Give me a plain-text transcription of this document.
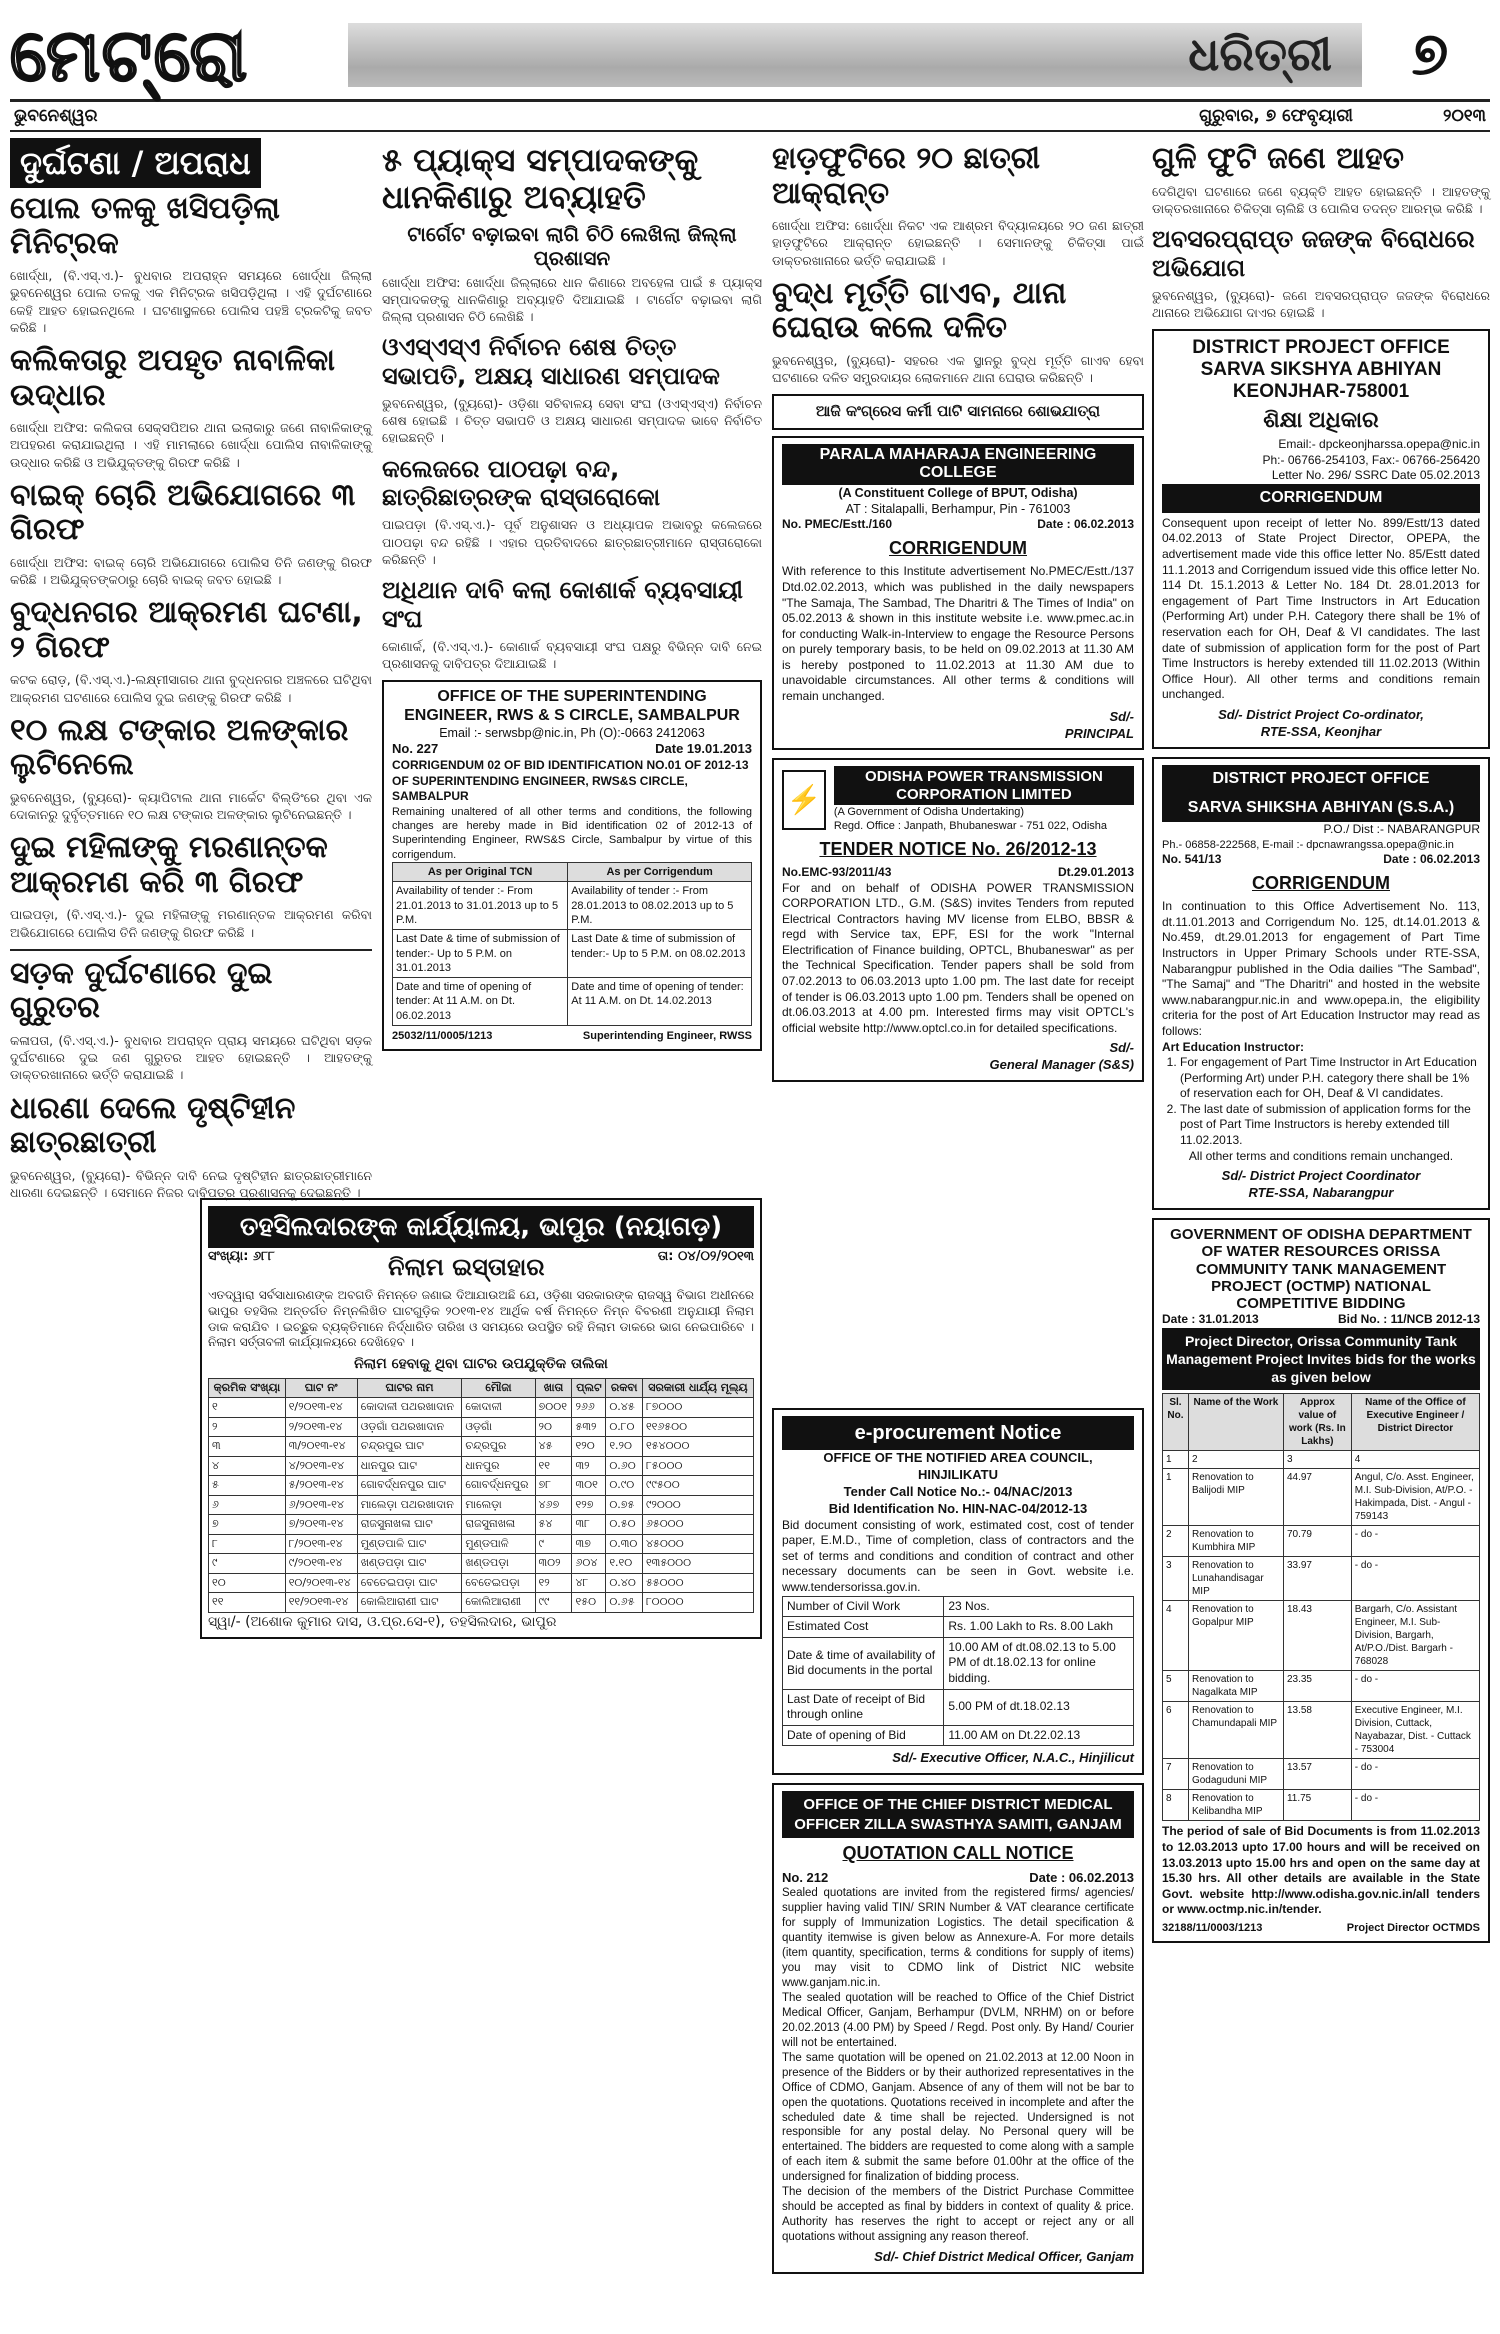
ମେଟ୍ରୋ	ଧରିତ୍ରୀ	୭
ଭୁବନେଶ୍ୱର	ଗୁରୁବାର, ୭ ଫେବୃୟାରୀ	୨୦୧୩
ଦୁର୍ଘଟଣା / ଅପରାଧ
ପୋଲ ତଳକୁ ଖସିପଡ଼ିଲା ମିନିଟ୍ରକ

ଖୋର୍ଦ୍ଧା, (ବି.ଏସ୍.ଏ.)- ବୁଧବାର ଅପରାହ୍ନ ସମୟରେ ଖୋର୍ଦ୍ଧା ଜିଲ୍ଲା ଭୁବନେଶ୍ୱର ପୋଲ ତଳକୁ ଏକ ମିନିଟ୍ରକ ଖସିପଡ଼ିଥିଲା । ଏହି ଦୁର୍ଘଟଣାରେ କେହି ଆହତ ହୋଇନଥିଲେ । ଘଟଣାସ୍ଥଳରେ ପୋଲିସ ପହଞ୍ଚି ଟ୍ରକଟିକୁ ଜବତ କରିଛି ।

କଲିକତାରୁ ଅପହୃତ ନାବାଳିକା ଉଦ୍ଧାର

ଖୋର୍ଦ୍ଧା ଅଫିସ: କଲିକତା ସେକ୍ସପିଅର ଥାନା ଇଲାକାରୁ ଜଣେ ନାବାଳିକାଙ୍କୁ ଅପହରଣ କରାଯାଇଥିଲା । ଏହି ମାମଲାରେ ଖୋର୍ଦ୍ଧା ପୋଲିସ ନାବାଳିକାଙ୍କୁ ଉଦ୍ଧାର କରିଛି ଓ ଅଭିଯୁକ୍ତଙ୍କୁ ଗିରଫ କରିଛି ।

ବାଇକ୍ ଚୋରି ଅଭିଯୋଗରେ ୩ ଗିରଫ

ଖୋର୍ଦ୍ଧା ଅଫିସ: ବାଇକ୍ ଚୋରି ଅଭିଯୋଗରେ ପୋଲିସ ତିନି ଜଣଙ୍କୁ ଗିରଫ କରିଛି । ଅଭିଯୁକ୍ତଙ୍କଠାରୁ ଚୋରି ବାଇକ୍ ଜବତ ହୋଇଛି ।

ବୁଦ୍ଧନଗର ଆକ୍ରମଣ ଘଟଣା, ୨ ଗିରଫ

କଟକ ରୋଡ଼, (ବି.ଏସ୍.ଏ.)-ଲକ୍ଷ୍ମୀସାଗର ଥାନା ବୁଦ୍ଧନଗର ଅଞ୍ଚଳରେ ଘଟିଥିବା ଆକ୍ରମଣ ଘଟଣାରେ ପୋଲିସ ଦୁଇ ଜଣଙ୍କୁ ଗିରଫ କରିଛି ।

୧୦ ଲକ୍ଷ ଟଙ୍କାର ଅଳଙ୍କାର ଲୁଟିନେଲେ

ଭୁବନେଶ୍ୱର, (ବ୍ୟୁରୋ)- କ୍ୟାପିଟାଲ ଥାନା ମାର୍କେଟ ବିଲ୍ଡିଂରେ ଥିବା ଏକ ଦୋକାନରୁ ଦୁର୍ବୃତ୍ତମାନେ ୧୦ ଲକ୍ଷ ଟଙ୍କାର ଅଳଙ୍କାର ଲୁଟିନେଇଛନ୍ତି ।

ଦୁଇ ମହିଳାଙ୍କୁ ମରଣାନ୍ତକ ଆକ୍ରମଣ କରି ୩ ଗିରଫ

ପାଇପଡ଼ା, (ବି.ଏସ୍.ଏ.)- ଦୁଇ ମହିଳାଙ୍କୁ ମରଣାନ୍ତକ ଆକ୍ରମଣ କରିବା ଅଭିଯୋଗରେ ପୋଲିସ ତିନି ଜଣଙ୍କୁ ଗିରଫ କରିଛି ।

ସଡ଼କ ଦୁର୍ଘଟଣାରେ ଦୁଇ ଗୁରୁତର

କଳାପତା, (ବି.ଏସ୍.ଏ.)- ବୁଧବାର ଅପରାହ୍ନ ପ୍ରାୟ ସମୟରେ ଘଟିଥିବା ସଡ଼କ ଦୁର୍ଘଟଣାରେ ଦୁଇ ଜଣ ଗୁରୁତର ଆହତ ହୋଇଛନ୍ତି । ଆହତଙ୍କୁ ଡାକ୍ତରଖାନାରେ ଭର୍ତ୍ତି କରାଯାଇଛି ।

ଧାରଣା ଦେଲେ ଦୃଷ୍ଟିହୀନ ଛାତ୍ରଛାତ୍ରୀ

ଭୁବନେଶ୍ୱର, (ବ୍ୟୁରୋ)- ବିଭିନ୍ନ ଦାବି ନେଇ ଦୃଷ୍ଟିହୀନ ଛାତ୍ରଛାତ୍ରୀମାନେ ଧାରଣା ଦେଇଛନ୍ତି । ସେମାନେ ନିଜର ଦାବିପତ୍ର ପ୍ରଶାସନକୁ ଦେଇଛନ୍ତି ।

୫ ପ୍ୟାକ୍ସ ସମ୍ପାଦକଙ୍କୁ ଧାନକିଣାରୁ ଅବ୍ୟାହତି
ଟାର୍ଗେଟ ବଢ଼ାଇବା ଲାଗି ଚିଠି ଲେଖିଲା ଜିଲ୍ଲା ପ୍ରଶାସନ

ଖୋର୍ଦ୍ଧା ଅଫିସ: ଖୋର୍ଦ୍ଧା ଜିଲ୍ଲାରେ ଧାନ କିଣାରେ ଅବହେଳା ପାଇଁ ୫ ପ୍ୟାକ୍ସ ସମ୍ପାଦକଙ୍କୁ ଧାନକିଣାରୁ ଅବ୍ୟାହତି ଦିଆଯାଇଛି । ଟାର୍ଗେଟ ବଢ଼ାଇବା ଲାଗି ଜିଲ୍ଲା ପ୍ରଶାସନ ଚିଠି ଲେଖିଛି ।

ଓଏସ୍‌ଏସ୍‌ଏ ନିର୍ବାଚନ ଶେଷ ଚିତ୍ତ ସଭାପତି, ଅକ୍ଷୟ ସାଧାରଣ ସମ୍ପାଦକ

ଭୁବନେଶ୍ୱର, (ବ୍ୟୁରୋ)- ଓଡ଼ିଶା ସଚିବାଳୟ ସେବା ସଂଘ (ଓଏସ୍‌ଏସ୍‌ଏ) ନିର୍ବାଚନ ଶେଷ ହୋଇଛି । ଚିତ୍ତ ସଭାପତି ଓ ଅକ୍ଷୟ ସାଧାରଣ ସମ୍ପାଦକ ଭାବେ ନିର୍ବାଚିତ ହୋଇଛନ୍ତି ।

କଲେଜରେ ପାଠପଢ଼ା ବନ୍ଦ, ଛାତ୍ରିଛାତ୍ରଙ୍କ ରାସ୍ତାରୋକୋ

ପାଇପଡ଼ା (ବି.ଏସ୍.ଏ.)- ପୂର୍ବ ଅନୁଶାସନ ଓ ଅଧ୍ୟାପକ ଅଭାବରୁ କଲେଜରେ ପାଠପଢ଼ା ବନ୍ଦ ରହିଛି । ଏହାର ପ୍ରତିବାଦରେ ଛାତ୍ରଛାତ୍ରୀମାନେ ରାସ୍ତାରୋକୋ କରିଛନ୍ତି ।

ଅଧିଥାନ ଦାବି କଲା କୋଶାର୍କ ବ୍ୟବସାୟୀ ସଂଘ

କୋଣାର୍କ, (ବି.ଏସ୍.ଏ.)- କୋଣାର୍କ ବ୍ୟବସାୟୀ ସଂଘ ପକ୍ଷରୁ ବିଭିନ୍ନ ଦାବି ନେଇ ପ୍ରଶାସନକୁ ଦାବିପତ୍ର ଦିଆଯାଇଛି ।

OFFICE OF THE SUPERINTENDING ENGINEER, RWS & S CIRCLE, SAMBALPUR
Email :- serwsbp@nic.in, Ph (O):-0663 2412063
No. 227	Date 19.01.2013
CORRIGENDUM 02 OF BID IDENTIFICATION NO.01 OF 2012-13 OF SUPERINTENDING ENGINEER, RWS&S CIRCLE, SAMBALPUR

Remaining unaltered of all other terms and conditions, the following changes are hereby made in Bid identification 02 of 2012-13 of Superintending Engineer, RWS&S Circle, Sambalpur by virtue of this corrigendum.

As per Original TCN	As per Corrigendum
Availability of tender :- From 21.01.2013 to 31.01.2013 up to 5 P.M.	Availability of tender :- From 28.01.2013 to 08.02.2013 up to 5 P.M.
Last Date & time of submission of tender:- Up to 5 P.M. on 31.01.2013	Last Date & time of submission of tender:- Up to 5 P.M. on 08.02.2013
Date and time of opening of tender: At 11 A.M. on Dt. 06.02.2013	Date and time of opening of tender: At 11 A.M. on Dt. 14.02.2013
25032/11/0005/1213	Superintending Engineer, RWSS
ହାଡ଼ଫୁଟିରେ ୨୦ ଛାତ୍ରୀ ଆକ୍ରାନ୍ତ

ଖୋର୍ଦ୍ଧା ଅଫିସ: ଖୋର୍ଦ୍ଧା ନିକଟ ଏକ ଆଶ୍ରମ ବିଦ୍ୟାଳୟରେ ୨୦ ଜଣ ଛାତ୍ରୀ ହାଡ଼ଫୁଟିରେ ଆକ୍ରାନ୍ତ ହୋଇଛନ୍ତି । ସେମାନଙ୍କୁ ଚିକିତ୍ସା ପାଇଁ ଡାକ୍ତରଖାନାରେ ଭର୍ତ୍ତି କରାଯାଇଛି ।

ବୁଦ୍ଧ ମୂର୍ତ୍ତି ଗାଏବ, ଥାନା ଘେରାଉ କଲେ ଦଳିତ

ଭୁବନେଶ୍ୱର, (ବ୍ୟୁରୋ)- ସହରର ଏକ ସ୍ଥାନରୁ ବୁଦ୍ଧ ମୂର୍ତ୍ତି ଗାଏବ ହେବା ଘଟଣାରେ ଦଳିତ ସମ୍ପ୍ରଦାୟର ଲୋକମାନେ ଥାନା ଘେରାଉ କରିଛନ୍ତି ।

ଆଜି କଂଗ୍ରେସ କର୍ମୀ ପାଟି ସାମନାରେ ଶୋଭଯାତ୍ରା
PARALA MAHARAJA ENGINEERING COLLEGE
(A Constituent College of BPUT, Odisha)
AT : Sitalapalli, Berhampur, Pin - 761003
No. PMEC/Estt./160	Date : 06.02.2013
CORRIGENDUM

With reference to this Institute advertisement No.PMEC/Estt./137 Dtd.02.02.2013, which was published in the daily newspapers "The Samaja, The Sambad, The Dharitri & The Times of India" on 05.02.2013 & shown in this institute website i.e. www.pmec.ac.in for conducting Walk-in-Interview to engage the Resource Persons on purely temporary basis, to be held on 09.02.2013 at 11.30 AM is hereby postponed to 11.02.2013 at 11.30 AM due to unavoidable circumstances. All other terms & conditions will remain unchanged.

Sd/-
PRINCIPAL
⚡
ODISHA POWER TRANSMISSION CORPORATION LIMITED
(A Government of Odisha Undertaking)
Regd. Office : Janpath, Bhubaneswar - 751 022, Odisha
TENDER NOTICE No. 26/2012-13
No.EMC-93/2011/43	Dt.29.01.2013

For and on behalf of ODISHA POWER TRANSMISSION CORPORATION LTD., G.M. (S&S) invites Tenders from reputed Electrical Contractors having MV license from ELBO, BBSR & regd with Service tax, EPF, ESI for the work "Internal Electrification of Finance building, OPTCL, Bhubaneswar" as per the Technical Specification. Tender papers shall be sold from 07.02.2013 to 06.03.2013 upto 1.00 pm. The last date for receipt of tender is 06.03.2013 upto 1.00 pm. Tenders shall be opened on dt.06.03.2013 at 4.00 pm. Interested firms may visit OPTCL's official website http://www.optcl.co.in for detailed specifications.

Sd/-
General Manager (S&S)
ତହସିଲଦାରଙ୍କ କାର୍ଯ୍ୟାଳୟ, ଭାପୁର (ନୟାଗଡ଼)
ସଂଖ୍ୟା: ୬୮୮	ନିଲାମ ଇସ୍ତାହାର	ତା: ୦୪/୦୨/୨୦୧୩

ଏତଦ୍ୱାରା ସର୍ବସାଧାରଣଙ୍କ ଅବଗତି ନିମନ୍ତେ ଜଣାଇ ଦିଆଯାଉଅଛି ଯେ, ଓଡ଼ିଶା ସରକାରଙ୍କ ରାଜସ୍ୱ ବିଭାଗ ଅଧୀନରେ ଭାପୁର ତହସିଲ ଅନ୍ତର୍ଗତ ନିମ୍ନଲିଖିତ ଘାଟଗୁଡ଼ିକ ୨୦୧୩-୧୪ ଆର୍ଥିକ ବର୍ଷ ନିମନ୍ତେ ନିମ୍ନ ବିବରଣୀ ଅନୁଯାୟୀ ନିଲାମ ଡାକ କରାଯିବ । ଇଚ୍ଛୁକ ବ୍ୟକ୍ତିମାନେ ନିର୍ଦ୍ଧାରିତ ତାରିଖ ଓ ସମୟରେ ଉପସ୍ଥିତ ରହି ନିଲାମ ଡାକରେ ଭାଗ ନେଇପାରିବେ । ନିଲାମ ସର୍ତ୍ତାବଳୀ କାର୍ଯ୍ୟାଳୟରେ ଦେଖିହେବ ।

ନିଲାମ ହେବାକୁ ଥିବା ଘାଟର ଉପଯୁକ୍ତିକ ତାଲିକା
କ୍ରମିକ ସଂଖ୍ୟା	ଘାଟ ନଂ	ଘାଟର ନାମ	ମୌଜା	ଖାତା	ପ୍ଲଟ	ରକବା	ସରକାରୀ ଧାର୍ଯ୍ୟ ମୂଲ୍ୟ
୧	୧/୨୦୧୩-୧୪	କୋଦାଳୀ ପଥରଖାଦାନ	କୋଦାଳୀ	୭୦୦୧	୨୬୬	୦.୪୫	୮୭୦୦୦
୨	୨/୨୦୧୩-୧୪	ଓଡ଼ଗାଁ ପଥରଖାଦାନ	ଓଡ଼ଗାଁ	୨୦	୫୩୨	୦.୮୦	୧୧୬୫୦୦
୩	୩/୨୦୧୩-୧୪	ଚନ୍ଦ୍ରପୁର ଘାଟ	ଚନ୍ଦ୍ରପୁର	୪୫	୧୨୦	୧.୨୦	୧୫୪୦୦୦
୪	୪/୨୦୧୩-୧୪	ଧାନପୁର ଘାଟ	ଧାନପୁର	୧୧	୩୨	୦.୬୦	୮୫୦୦୦
୫	୫/୨୦୧୩-୧୪	ଗୋବର୍ଦ୍ଧନପୁର ଘାଟ	ଗୋବର୍ଦ୍ଧନପୁର	୭୮	୩୦୧	୦.୯୦	୯୯୫୦୦
୬	୬/୨୦୧୩-୧୪	ମାଲେଡ଼ା ପଥରଖାଦାନ	ମାଲେଡ଼ା	୪୬୭	୧୨୭	୦.୭୫	୯୨୦୦୦
୭	୭/୨୦୧୩-୧୪	ରାଜସୁନାଖଳା ଘାଟ	ରାଜସୁନାଖଳା	୫୪	୩୮	୦.୫୦	୬୫୦୦୦
୮	୮/୨୦୧୩-୧୪	ମୁଣ୍ଡପାଳି ଘାଟ	ମୁଣ୍ଡପାଳି	୯	୩୭	୦.୩୦	୪୫୦୦୦
୯	୯/୨୦୧୩-୧୪	ଖଣ୍ଡପଡ଼ା ଘାଟ	ଖଣ୍ଡପଡ଼ା	୩୦୨	୬୦୪	୧.୧୦	୧୩୫୦୦୦
୧୦	୧୦/୨୦୧୩-୧୪	ବେତେଇପଡ଼ା ଘାଟ	ବେତେଇପଡ଼ା	୧୨	୪୮	୦.୪୦	୫୫୦୦୦
୧୧	୧୧/୨୦୧୩-୧୪	କୋଲିଆରାଣୀ ଘାଟ	କୋଲିଆରାଣୀ	୯୯	୧୫୦	୦.୬୫	୮୦୦୦୦
ସ୍ୱା/- (ଅଶୋକ କୁମାର ଦାସ, ଓ.ପ୍ର.ସେ-୧), ତହସିଲଦାର, ଭାପୁର
e-procurement Notice
OFFICE OF THE NOTIFIED AREA COUNCIL, HINJILIKATU
Tender Call Notice No.:- 04/NAC/2013
Bid Identification No. HIN-NAC-04/2012-13

Bid document consisting of work, estimated cost, cost of tender paper, E.M.D., Time of completion, class of contractors and the set of terms and conditions and condition of contract and other necessary documents can be seen in Govt. website i.e. www.tendersorissa.gov.in.

Number of Civil Work	23 Nos.
Estimated Cost	Rs. 1.00 Lakh to Rs. 8.00 Lakh
Date & time of availability of Bid documents in the portal	10.00 AM of dt.08.02.13 to 5.00 PM of dt.18.02.13 for online bidding.
Last Date of receipt of Bid through online	5.00 PM of dt.18.02.13
Date of opening of Bid	11.00 AM on Dt.22.02.13
Sd/- Executive Officer, N.A.C., Hinjilicut
OFFICE OF THE CHIEF DISTRICT MEDICAL OFFICER ZILLA SWASTHYA SAMITI, GANJAM
QUOTATION CALL NOTICE
No. 212	Date : 06.02.2013

Sealed quotations are invited from the registered firms/ agencies/ supplier having valid TIN/ SRIN Number & VAT clearance certificate for supply of Immunization Logistics. The detail specification & quantity itemwise is given below as Annexure-A. For more details (item quantity, specification, terms & conditions for supply of items) you may visit to CDMO link of District NIC website www.ganjam.nic.in.

The sealed quotation will be reached to Office of the Chief District Medical Officer, Ganjam, Berhampur (DVLM, NRHM) on or before 20.02.2013 (4.00 PM) by Speed / Regd. Post only. By Hand/ Courier will not be entertained.

The same quotation will be opened on 21.02.2013 at 12.00 Noon in presence of the Bidders or by their authorized representatives in the Office of CDMO, Ganjam. Absence of any of them will not be bar to open the quotations. Quotations received in incomplete and after the scheduled date & time shall be rejected. Undersigned is not responsible for any postal delay. No Personal query will be entertained. The bidders are requested to come along with a sample of each item & submit the same before 01.00hr at the office of the undersigned for finalization of bidding process.

The decision of the members of the District Purchase Committee should be accepted as final by bidders in context of quality & price. Authority has reserves the right to accept or reject any or all quotations without assigning any reason thereof.

Sd/- Chief District Medical Officer, Ganjam
ଗୁଳି ଫୁଟି ଜଣେ ଆହତ

ଦେଗିଥିବା ଘଟଣାରେ ଜଣେ ବ୍ୟକ୍ତି ଆହତ ହୋଇଛନ୍ତି । ଆହତଙ୍କୁ ଡାକ୍ତରଖାନାରେ ଚିକିତ୍ସା ଚାଲିଛି ଓ ପୋଲିସ ତଦନ୍ତ ଆରମ୍ଭ କରିଛି ।

ଅବସରପ୍ରାପ୍ତ ଜଜଙ୍କ ବିରୋଧରେ ଅଭିଯୋଗ

ଭୁବନେଶ୍ୱର, (ବ୍ୟୁରୋ)- ଜଣେ ଅବସରପ୍ରାପ୍ତ ଜଜଙ୍କ ବିରୋଧରେ ଥାନାରେ ଅଭିଯୋଗ ଦାଏର ହୋଇଛି ।

DISTRICT PROJECT OFFICE
SARVA SIKSHYA ABHIYAN
KEONJHAR-758001
ଶିକ୍ଷା ଅଧିକାର
Email:- dpckeonjharssa.opepa@nic.in
Ph:- 06766-254103, Fax:- 06766-256420
Letter No. 296/ SSRC Date 05.02.2013
CORRIGENDUM

Consequent upon receipt of letter No. 899/Estt/13 dated 04.02.2013 of State Project Director, OPEPA, the advertisement made vide this office letter No. 85/Estt dated 11.1.2013 and Corrigendum issued vide this office letter No. 114 Dt. 15.1.2013 & Letter No. 184 Dt. 28.01.2013 for engagement of Part Time Instructors in Art Education (Performing Art) under P.H. Category there shall be 1% of reservation each for OH, Deaf & VI candidates. The last date of submission of application form for the post of Part Time Instructors is hereby extended till 11.02.2013 (Within Office Hour). All other terms and conditions remain unchanged.

Sd/- District Project Co-ordinator,
RTE-SSA, Keonjhar
DISTRICT PROJECT OFFICE
SARVA SHIKSHA ABHIYAN (S.S.A.)
P.O./ Dist :- NABARANGPUR
Ph.- 06858-222568, E-mail :- dpcnawrangssa.opepa@nic.in
No. 541/13	Date : 06.02.2013
CORRIGENDUM

In continuation to this Office Advertisement No. 113, dt.11.01.2013 and Corrigendum No. 125, dt.14.01.2013 & No.459, dt.29.01.2013 for engagement of Part Time Instructors in Upper Primary Schools under RTE-SSA, Nabarangpur published in the Odia dailies "The Sambad", "The Samaj" and "The Dharitri" and hosted in the website www.nabarangpur.nic.in and www.opepa.in, the eligibility criteria for the post of Art Education Instructor may read as follows:

Art Education Instructor:
1. For engagement of Part Time Instructor in Art Education (Performing Art) under P.H. category there shall be 1% of reservation each for OH, Deaf & VI candidates.
2. The last date of submission of application forms for the post of Part Time Instructors is hereby extended till 11.02.2013.
All other terms and conditions remain unchanged.
Sd/- District Project Coordinator
RTE-SSA, Nabarangpur
GOVERNMENT OF ODISHA DEPARTMENT OF WATER RESOURCES ORISSA COMMUNITY TANK MANAGEMENT PROJECT (OCTMP) NATIONAL COMPETITIVE BIDDING
Date : 31.01.2013	Bid No. : 11/NCB 2012-13
Project Director, Orissa Community Tank Management Project Invites bids for the works as given below
Sl. No.	Name of the Work	Approx value of work (Rs. In Lakhs)	Name of the Office of Executive Engineer / District Director
1	2	3	4
1	Renovation to Balijodi MIP	44.97	Angul, C/o. Asst. Engineer, M.I. Sub-Division, At/P.O. - Hakimpada, Dist. - Angul - 759143
2	Renovation to Kumbhira MIP	70.79	- do -
3	Renovation to Lunahandisagar MIP	33.97	- do -
4	Renovation to Gopalpur MIP	18.43	Bargarh, C/o. Assistant Engineer, M.I. Sub-Division, Bargarh, At/P.O./Dist. Bargarh - 768028
5	Renovation to Nagalkata MIP	23.35	- do -
6	Renovation to Chamundapali MIP	13.58	Executive Engineer, M.I. Division, Cuttack, Nayabazar, Dist. - Cuttack - 753004
7	Renovation to Godaguduni MIP	13.57	- do -
8	Renovation to Kelibandha MIP	11.75	- do -

The period of sale of Bid Documents is from 11.02.2013 to 12.03.2013 upto 17.00 hours and will be received on 13.03.2013 upto 15.00 hrs and open on the same day at 15.30 hrs. All other details are available in the State Govt. website http://www.odisha.gov.nic.in/all tenders or www.octmp.nic.in/tender.

32188/11/0003/1213	Project Director OCTMDS
